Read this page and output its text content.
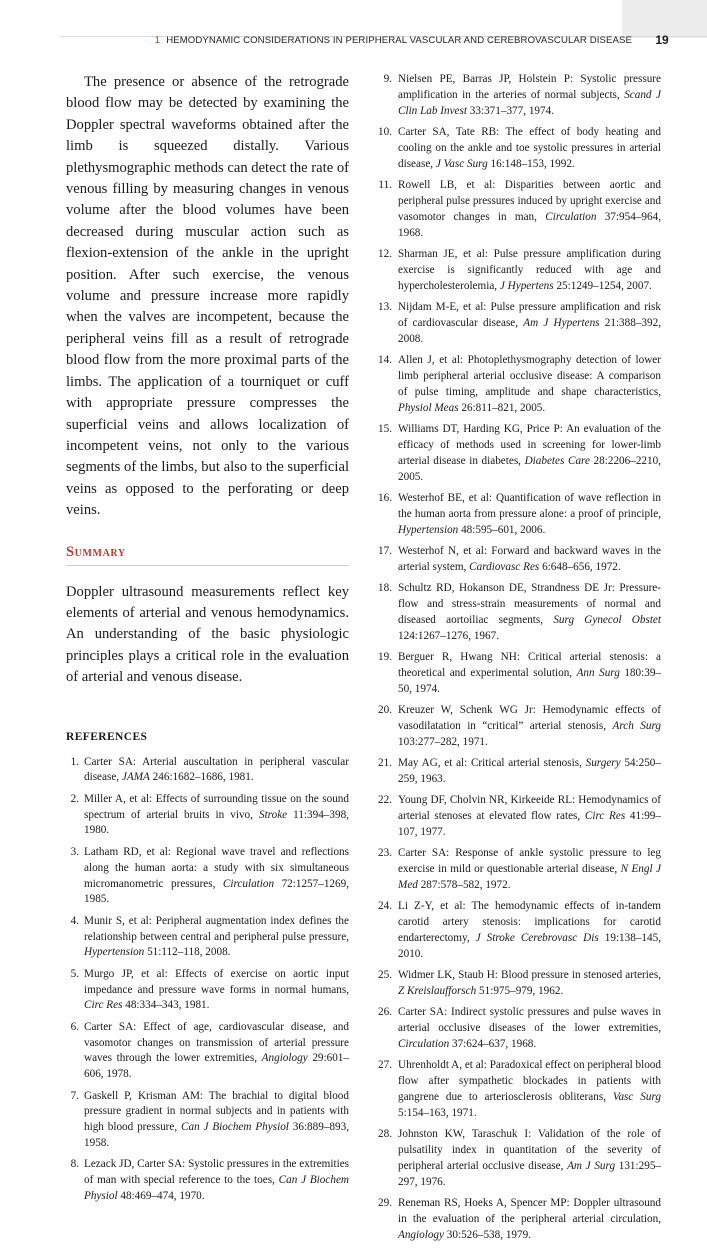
1 HEMODYNAMIC CONSIDERATIONS IN PERIPHERAL VASCULAR AND CEREBROVASCULAR DISEASE	19

The presence or absence of the retrograde blood flow may be detected by examining the Doppler spectral waveforms obtained after the limb is squeezed distally. Various plethysmographic methods can detect the rate of venous filling by measuring changes in venous volume after the blood volumes have been decreased during muscular action such as flexion-extension of the ankle in the upright position. After such exercise, the venous volume and pressure increase more rapidly when the valves are incompetent, because the peripheral veins fill as a result of retrograde blood flow from the more proximal parts of the limbs. The application of a tourniquet or cuff with appropriate pressure compresses the superficial veins and allows localization of incompetent veins, not only to the various segments of the limbs, but also to the superficial veins as opposed to the perforating or deep veins.

Summary

Doppler ultrasound measurements reflect key elements of arterial and venous hemodynamics. An understanding of the basic physiologic principles plays a critical role in the evaluation of arterial and venous disease.

REFERENCES
1. Carter SA: Arterial auscultation in peripheral vascular disease, JAMA 246:1682–1686, 1981.
2. Miller A, et al: Effects of surrounding tissue on the sound spectrum of arterial bruits in vivo, Stroke 11:394–398, 1980.
3. Latham RD, et al: Regional wave travel and reflections along the human aorta: a study with six simultaneous micromanometric pressures, Circulation 72:1257–1269, 1985.
4. Munir S, et al: Peripheral augmentation index defines the relationship between central and peripheral pulse pressure, Hypertension 51:112–118, 2008.
5. Murgo JP, et al: Effects of exercise on aortic input impedance and pressure wave forms in normal humans, Circ Res 48:334–343, 1981.
6. Carter SA: Effect of age, cardiovascular disease, and vasomotor changes on transmission of arterial pressure waves through the lower extremities, Angiology 29:601–606, 1978.
7. Gaskell P, Krisman AM: The brachial to digital blood pressure gradient in normal subjects and in patients with high blood pressure, Can J Biochem Physiol 36:889–893, 1958.
8. Lezack JD, Carter SA: Systolic pressures in the extremities of man with special reference to the toes, Can J Biochem Physiol 48:469–474, 1970.
9. Nielsen PE, Barras JP, Holstein P: Systolic pressure amplification in the arteries of normal subjects, Scand J Clin Lab Invest 33:371–377, 1974.
10. Carter SA, Tate RB: The effect of body heating and cooling on the ankle and toe systolic pressures in arterial disease, J Vasc Surg 16:148–153, 1992.
11. Rowell LB, et al: Disparities between aortic and peripheral pulse pressures induced by upright exercise and vasomotor changes in man, Circulation 37:954–964, 1968.
12. Sharman JE, et al: Pulse pressure amplification during exercise is significantly reduced with age and hypercholesterolemia, J Hypertens 25:1249–1254, 2007.
13. Nijdam M-E, et al: Pulse pressure amplification and risk of cardiovascular disease, Am J Hypertens 21:388–392, 2008.
14. Allen J, et al: Photoplethysmography detection of lower limb peripheral arterial occlusive disease: A comparison of pulse timing, amplitude and shape characteristics, Physiol Meas 26:811–821, 2005.
15. Williams DT, Harding KG, Price P: An evaluation of the efficacy of methods used in screening for lower-limb arterial disease in diabetes, Diabetes Care 28:2206–2210, 2005.
16. Westerhof BE, et al: Quantification of wave reflection in the human aorta from pressure alone: a proof of principle, Hypertension 48:595–601, 2006.
17. Westerhof N, et al: Forward and backward waves in the arterial system, Cardiovasc Res 6:648–656, 1972.
18. Schultz RD, Hokanson DE, Strandness DE Jr: Pressure-flow and stress-strain measurements of normal and diseased aortoiliac segments, Surg Gynecol Obstet 124:1267–1276, 1967.
19. Berguer R, Hwang NH: Critical arterial stenosis: a theoretical and experimental solution, Ann Surg 180:39–50, 1974.
20. Kreuzer W, Schenk WG Jr: Hemodynamic effects of vasodilatation in “critical” arterial stenosis, Arch Surg 103:277–282, 1971.
21. May AG, et al: Critical arterial stenosis, Surgery 54:250–259, 1963.
22. Young DF, Cholvin NR, Kirkeeide RL: Hemodynamics of arterial stenoses at elevated flow rates, Circ Res 41:99–107, 1977.
23. Carter SA: Response of ankle systolic pressure to leg exercise in mild or questionable arterial disease, N Engl J Med 287:578–582, 1972.
24. Li Z-Y, et al: The hemodynamic effects of in-tandem carotid artery stenosis: implications for carotid endarterectomy, J Stroke Cerebrovasc Dis 19:138–145, 2010.
25. Widmer LK, Staub H: Blood pressure in stenosed arteries, Z Kreislaufforsch 51:975–979, 1962.
26. Carter SA: Indirect systolic pressures and pulse waves in arterial occlusive diseases of the lower extremities, Circulation 37:624–637, 1968.
27. Uhrenholdt A, et al: Paradoxical effect on peripheral blood flow after sympathetic blockades in patients with gangrene due to arteriosclerosis obliterans, Vasc Surg 5:154–163, 1971.
28. Johnston KW, Taraschuk I: Validation of the role of pulsatility index in quantitation of the severity of peripheral arterial occlusive disease, Am J Surg 131:295–297, 1976.
29. Reneman RS, Hoeks A, Spencer MP: Doppler ultrasound in the evaluation of the peripheral arterial circulation, Angiology 30:526–538, 1979.
